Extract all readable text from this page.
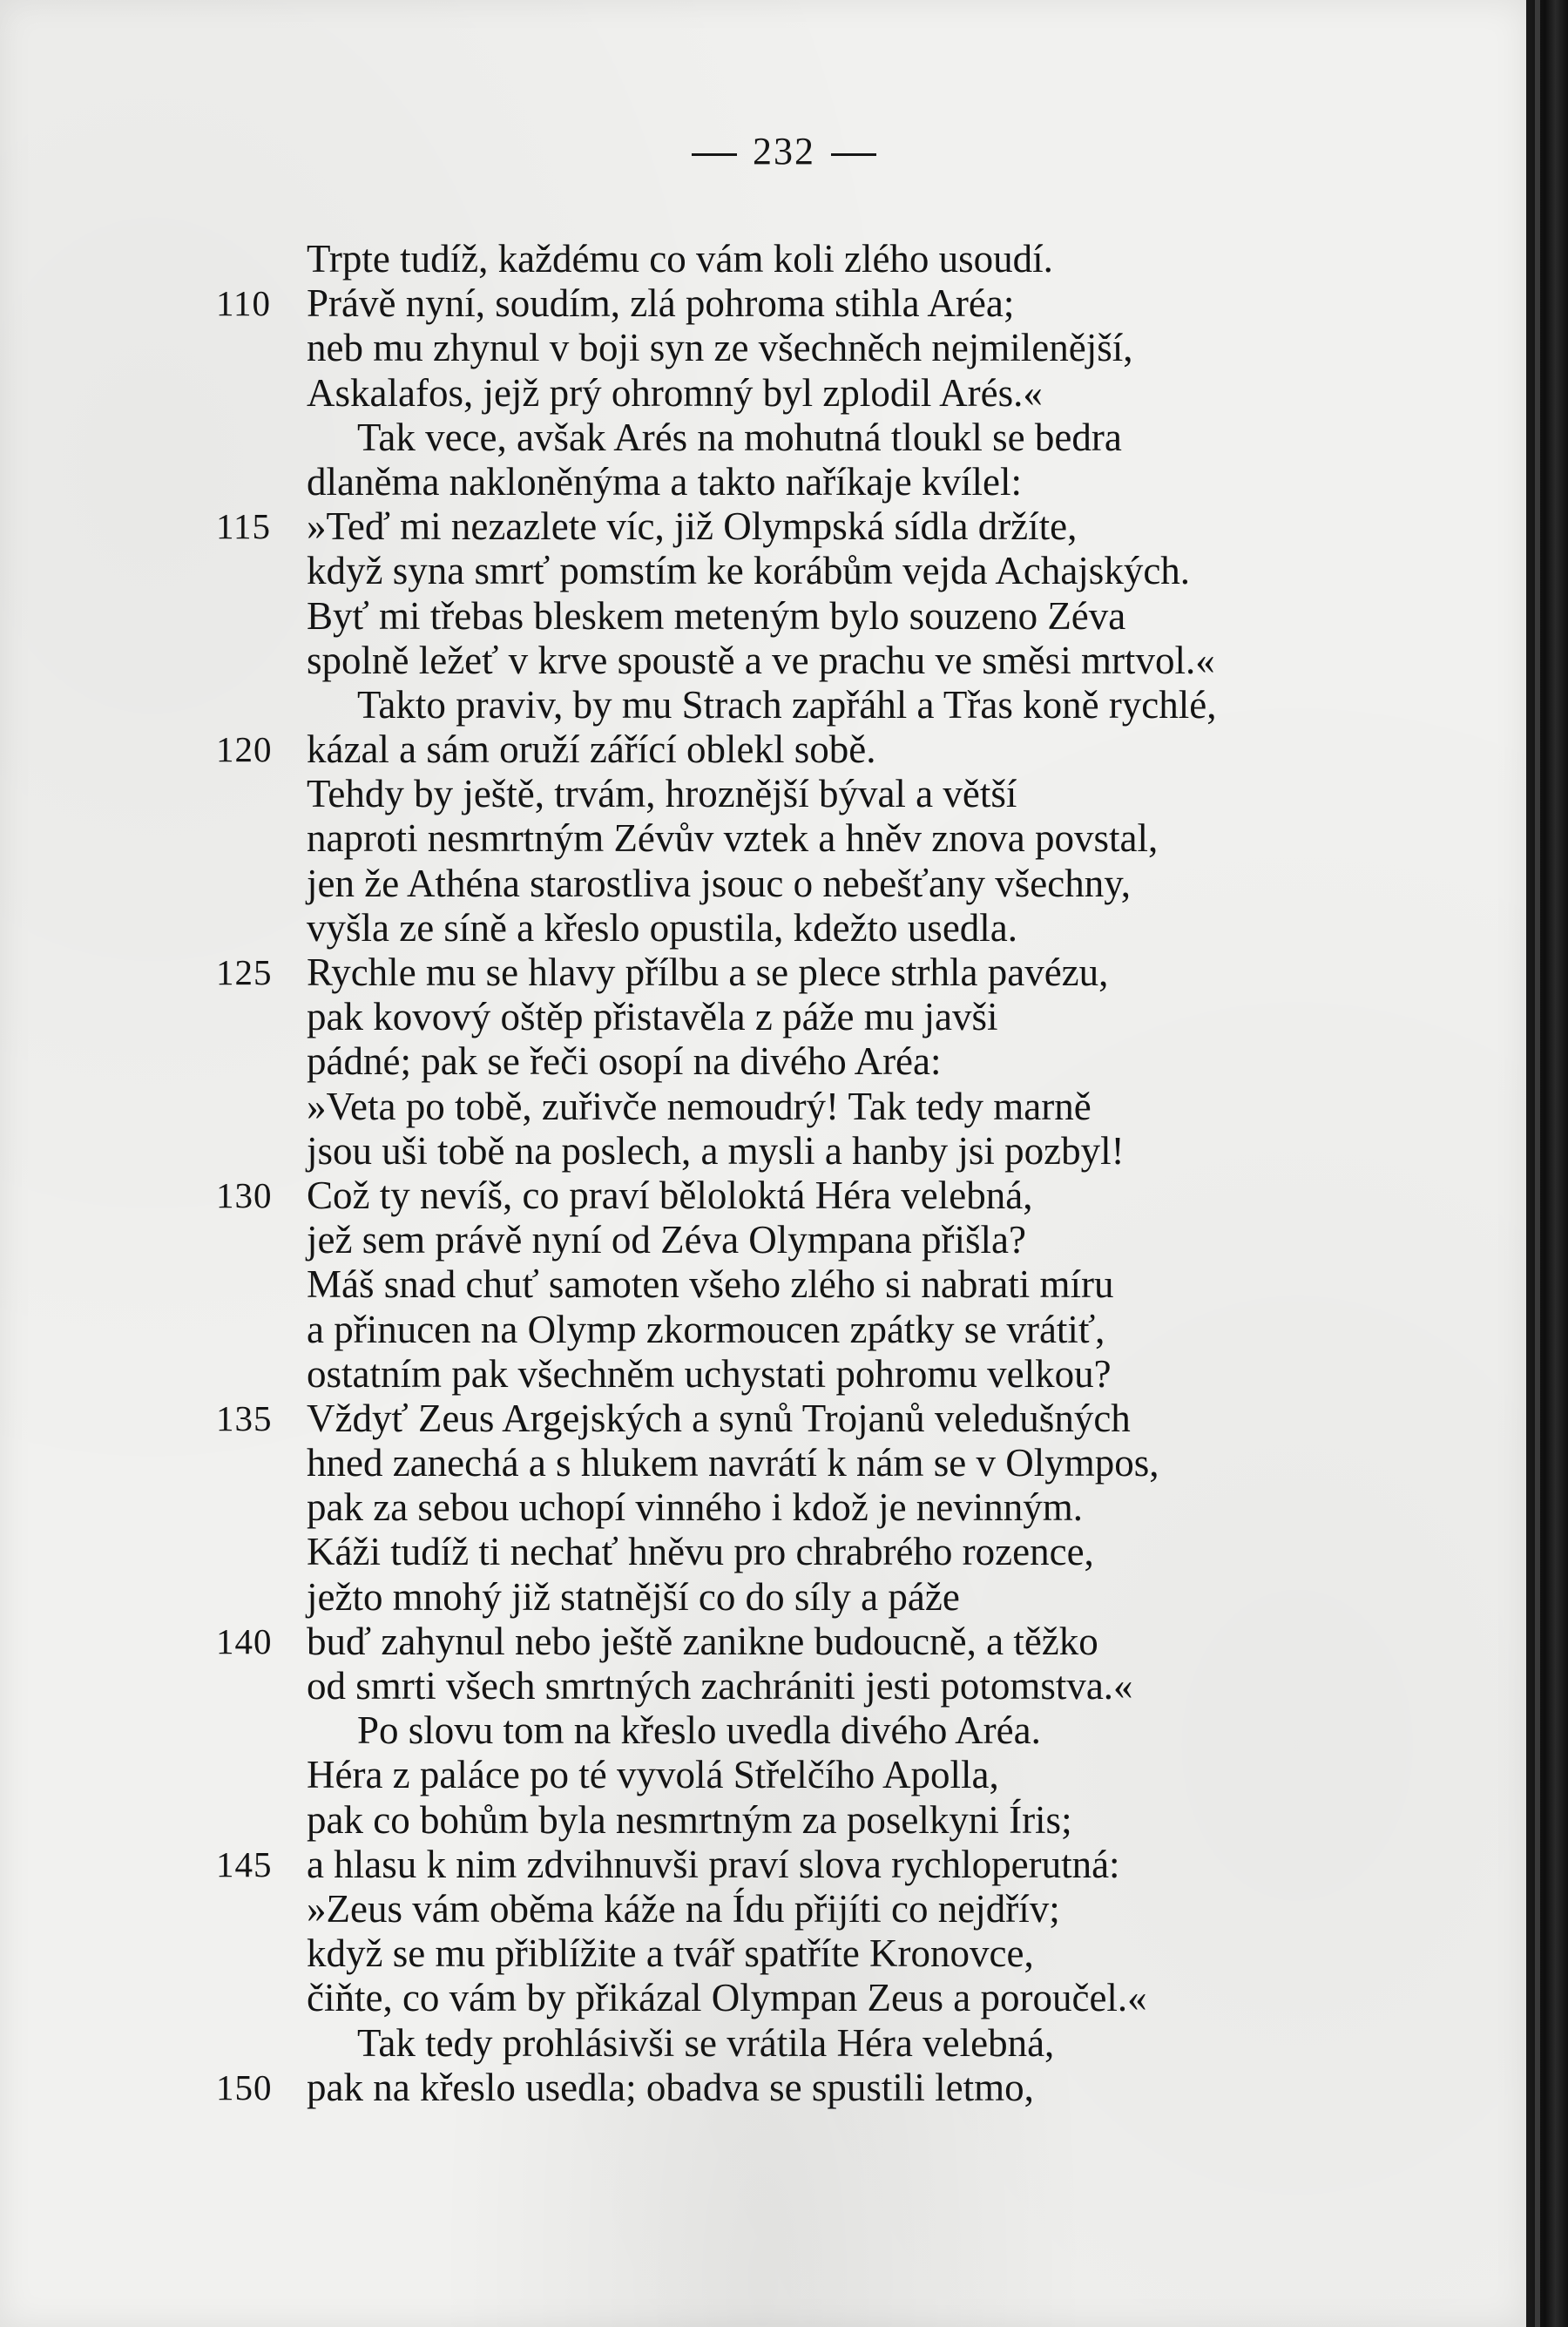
232
Trpte tudíž, každému co vám koli zlého usoudí.
110 Právě nyní, soudím, zlá pohroma stihla Aréa;
neb mu zhynul v boji syn ze všechněch nejmilenější,
Askalafos, jejž prý ohromný byl zplodil Arés.«
Tak vece, avšak Arés na mohutná tloukl se bedra
dlaněma nakloněnýma a takto naříkaje kvílel:
115 »Teď mi nezazlete víc, již Olympská sídla držíte,
když syna smrť pomstím ke korábům vejda Achajských.
Byť mi třebas bleskem meteným bylo souzeno Zéva
spolně ležeť v krve spoustě a ve prachu ve směsi mrtvol.«
Takto praviv, by mu Strach zapřáhl a Třas koně rychlé,
120 kázal a sám oruží zářící oblekl sobě.
Tehdy by ještě, trvám, hroznější býval a větší
naproti nesmrtným Zévův vztek a hněv znova povstal,
jen že Athéna starostliva jsouc o nebešťany všechny,
vyšla ze síně a křeslo opustila, kdežto usedla.
125 Rychle mu se hlavy přílbu a se plece strhla pavézu,
pak kovový oštěp přistavěla z páže mu javši
pádné; pak se řeči osopí na divého Aréa:
»Veta po tobě, zuřivče nemoudrý! Tak tedy marně
jsou uši tobě na poslech, a mysli a hanby jsi pozbyl!
130 Což ty nevíš, co praví běloloktá Héra velebná,
jež sem právě nyní od Zéva Olympana přišla?
Máš snad chuť samoten všeho zlého si nabrati míru
a přinucen na Olymp zkormoucen zpátky se vrátiť,
ostatním pak všechněm uchystati pohromu velkou?
135 Vždyť Zeus Argejských a synů Trojanů veledušných
hned zanechá a s hlukem navrátí k nám se v Olympos,
pak za sebou uchopí vinného i kdož je nevinným.
Káži tudíž ti nechať hněvu pro chrabrého rozence,
ježto mnohý již statnější co do síly a páže
140 buď zahynul nebo ještě zanikne budoucně, a těžko
od smrti všech smrtných zachrániti jesti potomstva.«
Po slovu tom na křeslo uvedla divého Aréa.
Héra z paláce po té vyvolá Střelčího Apolla,
pak co bohům byla nesmrtným za poselkyni Íris;
145 a hlasu k nim zdvihnuvši praví slova rychloperutná:
»Zeus vám oběma káže na Ídu přijíti co nejdřív;
když se mu přiblížite a tvář spatříte Kronovce,
čiňte, co vám by přikázal Olympan Zeus a poroučel.«
Tak tedy prohlásivši se vrátila Héra velebná,
150 pak na křeslo usedla; obadva se spustili letmo,
